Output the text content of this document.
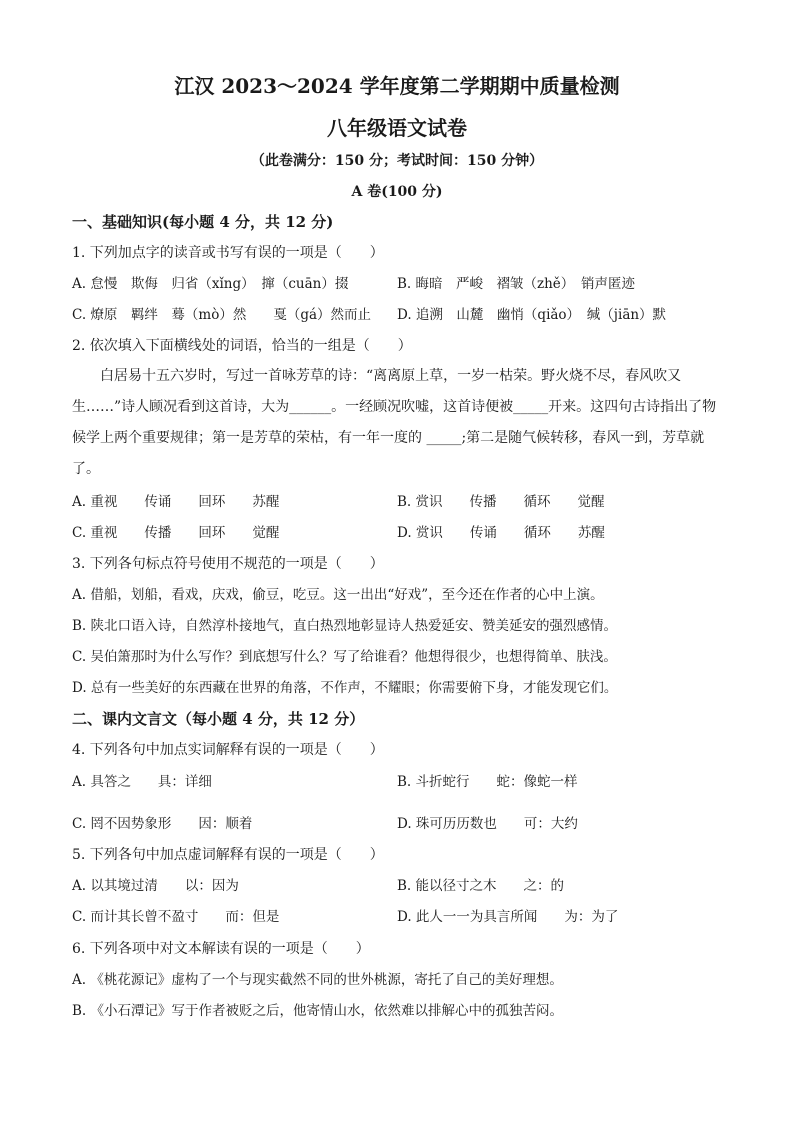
江汉 2023～2024 学年度第二学期期中质量检测
八年级语文试卷
（此卷满分：150 分；考试时间：150 分钟）
A 卷(100 分)
一、基础知识(每小题 4 分，共 12 分)
1. 下列加点字的读音或书写有误的一项是（　　）
A. 怠慢　欺侮　归省（xǐng）　撺（cuān）掇	B. 晦暗　严峻　褶皱（zhě）　销声匿迹
C. 燎原　羁绊　蓦（mò）然　　戛（gá）然而止 D. 追溯　山麓　幽悄（qiǎo）　缄（jiān）默
2. 依次填入下面横线处的词语，恰当的一组是（　　）
白居易十五六岁时，写过一首咏芳草的诗：“离离原上草，一岁一枯荣。野火烧不尽，春风吹又生……”诗人顾况看到这首诗，大为______。一经顾况吹嘘，这首诗便被_____开来。这四句古诗指出了物候学上两个重要规律；第一是芳草的荣枯，有一年一度的 _____;第二是随气候转移，春风一到，芳草就了。
A. 重视　　传诵　　回环　　苏醒	B. 赏识　　传播　　循环　　觉醒
C. 重视　　传播　　回环　　觉醒	D. 赏识　　传诵　　循环　　苏醒
3. 下列各句标点符号使用不规范的一项是（　　）
A. 借船，划船，看戏，庆戏，偷豆，吃豆。这一出出“好戏”，至今还在作者的心中上演。
B. 陕北口语入诗，自然淳朴接地气，直白热烈地彰显诗人热爱延安、赞美延安的强烈感情。
C. 吴伯箫那时为什么写作？到底想写什么？写了给谁看？他想得很少，也想得简单、肤浅。
D. 总有一些美好的东西藏在世界的角落，不作声，不耀眼；你需要俯下身，才能发现它们。
二、课内文言文（每小题 4 分，共 12 分）
4. 下列各句中加点实词解释有误的一项是（　　）
A. 具答之　　具：详细	B. 斗折蛇行　　蛇：像蛇一样
C. 罔不因势象形　　因：顺着	D. 珠可历历数也　　可：大约
5. 下列各句中加点虚词解释有误的一项是（　　）
A. 以其境过清　　以：因为	B. 能以径寸之木　　之：的
C. 而计其长曾不盈寸　　而：但是	D. 此人一一为具言所闻　　为：为了
6. 下列各项中对文本解读有误的一项是（　　）
A. 《桃花源记》虚构了一个与现实截然不同的世外桃源，寄托了自己的美好理想。
B. 《小石潭记》写于作者被贬之后，他寄情山水，依然难以排解心中的孤独苦闷。
